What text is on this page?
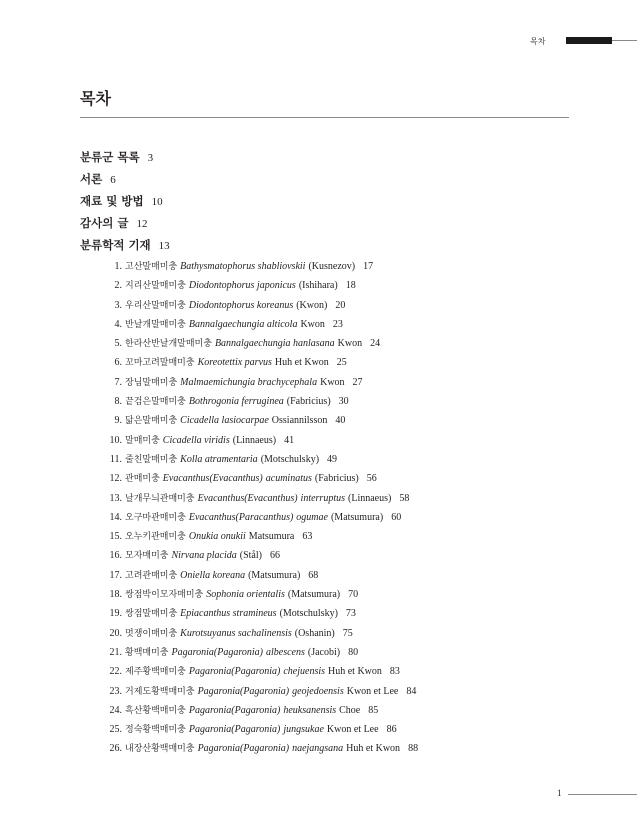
목차
목차
분류군 목록 3
서론 6
재료 및 방법 10
감사의 글 12
분류학적 기재 13
1. 고산말매미충 Bathysmatophorus shabliovskii (Kusnezov) 17
2. 지리산말매미충 Diodontophorus japonicus (Ishihara) 18
3. 우리산말매미충 Diodontophorus koreanus (Kwon) 20
4. 반날개말매미충 Bannalgaechungia alticola Kwon 23
5. 한라산반날개말매미충 Bannalgaechungia hanlasana Kwon 24
6. 꼬마고려말매미충 Koreotettix parvus Huh et Kwon 25
7. 장님말매미충 Malmaemichungia brachycephala Kwon 27
8. 끝검은말매미충 Bothrogonia ferruginea (Fabricius) 30
9. 닯은말매미충 Cicadella lasiocarpae Ossiannilsson 40
10. 말매미충 Cicadella viridis (Linnaeus) 41
11. 줄친말매미충 Kolla atramentaria (Motschulsky) 49
12. 관매미충 Evacanthus(Evacanthus) acuminatus (Fabricius) 56
13. 날개무늬관매미충 Evacanthus(Evacanthus) interruptus (Linnaeus) 58
14. 오구마관매미충 Evacanthus(Paracanthus) ogumae (Matsumura) 60
15. 오누키관매미충 Onukia onukii Matsumura 63
16. 모자매미충 Nirvana placida (Stål) 66
17. 고려관매미충 Oniella koreana (Matsumura) 68
18. 쌍점박이모자매미충 Sophonia orientalis (Matsumura) 70
19. 쌍점말매미충 Epiacanthus stramineus (Motschulsky) 73
20. 멋쟁이매미충 Kurotsuyanus sachalinensis (Oshanin) 75
21. 황백매미충 Pagaronia(Pagaronia) albescens (Jacobi) 80
22. 제주황백매미충 Pagaronia(Pagaronia) chejuensis Huh et Kwon 83
23. 거제도황백매미충 Pagaronia(Pagaronia) geojedoensis Kwon et Lee 84
24. 흑산황백매미충 Pagaronia(Pagaronia) heuksanensis Choe 85
25. 정숙황백매미충 Pagaronia(Pagaronia) jungsukae Kwon et Lee 86
26. 내장산황백매미충 Pagaronia(Pagaronia) naejangsana Huh et Kwon 88
1
